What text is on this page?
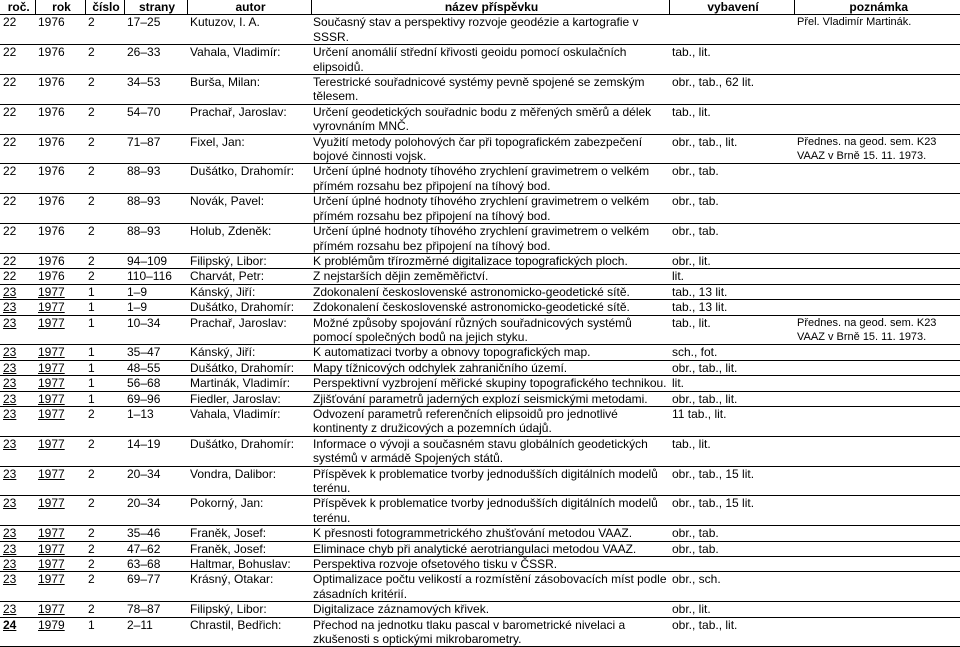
roč.	rok	číslo	strany	autor	název příspěvku	vybavení	poznámka
22	1976	2	17–25	Kutuzov, I. A.	Současný stav a perspektivy rozvoje geodézie a kartografie v SSSR.		Přel. Vladimír Martinák.
22	1976	2	26–33	Vahala, Vladimír:	Určení anomálií střední křivosti geoidu pomocí oskulačních elipsoidů.	tab., lit.	
22	1976	2	34–53	Burša, Milan:	Terestrické souřadnicové systémy pevně spojené se zemským tělesem.	obr., tab., 62 lit.	
22	1976	2	54–70	Prachař, Jaroslav:	Určení geodetických souřadnic bodu z měřených směrů a délek vyrovnáním MNČ.	tab., lit.	
22	1976	2	71–87	Fixel, Jan:	Využití metody polohových čar při topografickém zabezpečení bojové činnosti vojsk.	obr., tab., lit.	Přednes. na geod. sem. K23 VAAZ v Brně 15. 11. 1973.
22	1976	2	88–93	Dušátko, Drahomír:	Určení úplné hodnoty tíhového zrychlení gravimetrem o velkém přímém rozsahu bez připojení na tíhový bod.	obr., tab.	
22	1976	2	88–93	Novák, Pavel:	Určení úplné hodnoty tíhového zrychlení gravimetrem o velkém přímém rozsahu bez připojení na tíhový bod.	obr., tab.	
22	1976	2	88–93	Holub, Zdeněk:	Určení úplné hodnoty tíhového zrychlení gravimetrem o velkém přímém rozsahu bez připojení na tíhový bod.	obr., tab.	
22	1976	2	94–109	Filipský, Libor:	K problémům třírozměrné digitalizace topografických ploch.	obr., lit.	
22	1976	2	110–116	Charvát, Petr:	Z nejstarších dějin zeměměřictví.	lit.	
23	1977	1	1–9	Kánský, Jiří:	Zdokonalení československé astronomicko-geodetické sítě.	tab., 13 lit.	
23	1977	1	1–9	Dušátko, Drahomír:	Zdokonalení československé astronomicko-geodetické sítě.	tab., 13 lit.	
23	1977	1	10–34	Prachař, Jaroslav:	Možné způsoby spojování různých souřadnicových systémů pomocí společných bodů na jejich styku.	tab., lit.	Přednes. na geod. sem. K23 VAAZ v Brně 15. 11. 1973.
23	1977	1	35–47	Kánský, Jiří:	K automatizaci tvorby a obnovy topografických map.	sch., fot.	
23	1977	1	48–55	Dušátko, Drahomír:	Mapy tížnicových odchylek zahraničního území.	obr., tab., lit.	
23	1977	1	56–68	Martinák, Vladimír:	Perspektivní vyzbrojení měřické skupiny topografického technikou.	lit.	
23	1977	1	69–96	Fiedler, Jaroslav:	Zjišťování parametrů jaderných explozí seismickými metodami.	obr., tab., lit.	
23	1977	2	1–13	Vahala, Vladimír:	Odvození parametrů referenčních elipsoidů pro jednotlivé kontinenty z družicových a pozemních údajů.	11 tab., lit.	
23	1977	2	14–19	Dušátko, Drahomír:	Informace o vývoji a současném stavu globálních geodetických systémů v armádě Spojených států.	tab., lit.	
23	1977	2	20–34	Vondra, Dalibor:	Příspěvek k problematice tvorby jednodušších digitálních modelů terénu.	obr., tab., 15 lit.	
23	1977	2	20–34	Pokorný, Jan:	Příspěvek k problematice tvorby jednodušších digitálních modelů terénu.	obr., tab., 15 lit.	
23	1977	2	35–46	Franěk, Josef:	K přesnosti fotogrammetrického zhušťování metodou VAAZ.	obr., tab.	
23	1977	2	47–62	Franěk, Josef:	Eliminace chyb při analytické aerotriangulaci metodou VAAZ.	obr., tab.	
23	1977	2	63–68	Haltmar, Bohuslav:	Perspektiva rozvoje ofsetového tisku v ČSSR.		
23	1977	2	69–77	Krásný, Otakar:	Optimalizace počtu velikostí a rozmístění zásobovacích míst podle zásadních kritérií.	obr., sch.	
23	1977	2	78–87	Filipský, Libor:	Digitalizace záznamových křivek.	obr., lit.	
24	1979	1	2–11	Chrastil, Bedřich:	Přechod na jednotku tlaku pascal v barometrické nivelaci a zkušenosti s optickými mikrobarometry.	obr., tab., lit.	
